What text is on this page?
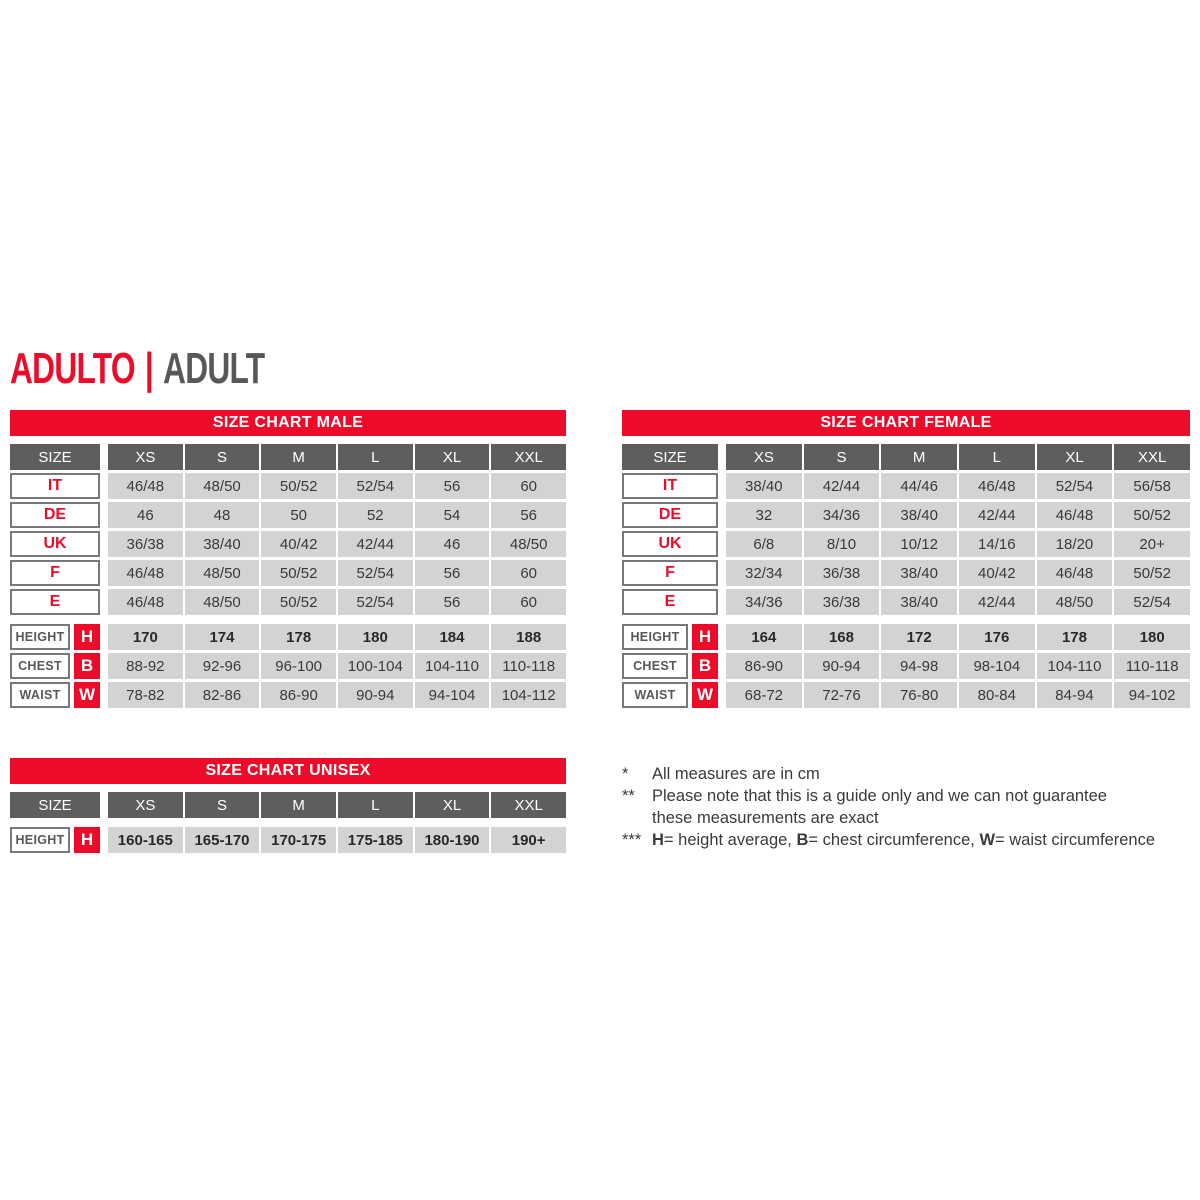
ADULTO | ADULT
SIZE CHART MALE
SIZE	XS	S	M	L	XL	XXL
IT	46/48	48/50	50/52	52/54	56	60
DE	46	48	50	52	54	56
UK	36/38	38/40	40/42	42/44	46	48/50
F	46/48	48/50	50/52	52/54	56	60
E	46/48	48/50	50/52	52/54	56	60
HEIGHT H	170	174	178	180	184	188
CHEST	B	88-92	92-96	96-100	100-104	104-110	110-118
WAIST	W	78-82	82-86	86-90	90-94	94-104	104-112
SIZE CHART FEMALE
SIZE	XS	S	M	L	XL	XXL
IT	38/40	42/44	44/46	46/48	52/54	56/58
DE	32	34/36	38/40	42/44	46/48	50/52
UK	6/8	8/10	10/12	14/16	18/20	20+
F	32/34	36/38	38/40	40/42	46/48	50/52
E	34/36	36/38	38/40	42/44	48/50	52/54
HEIGHT	H	164	168	172	176	178	180
CHEST	B	86-90	90-94	94-98	98-104	104-110	110-118
WAIST	W	68-72	72-76	76-80	80-84	84-94	94-102
SIZE CHART UNISEX
SIZE	XS	S	M	L	XL	XXL
HEIGHT H	160-165	165-170	170-175	175-185	180-190	190+
*	All measures are in cm
**	Please note that this is a guide only and we can not guarantee
these measurements are exact
*** H= height average, B= chest circumference, W= waist circumference
